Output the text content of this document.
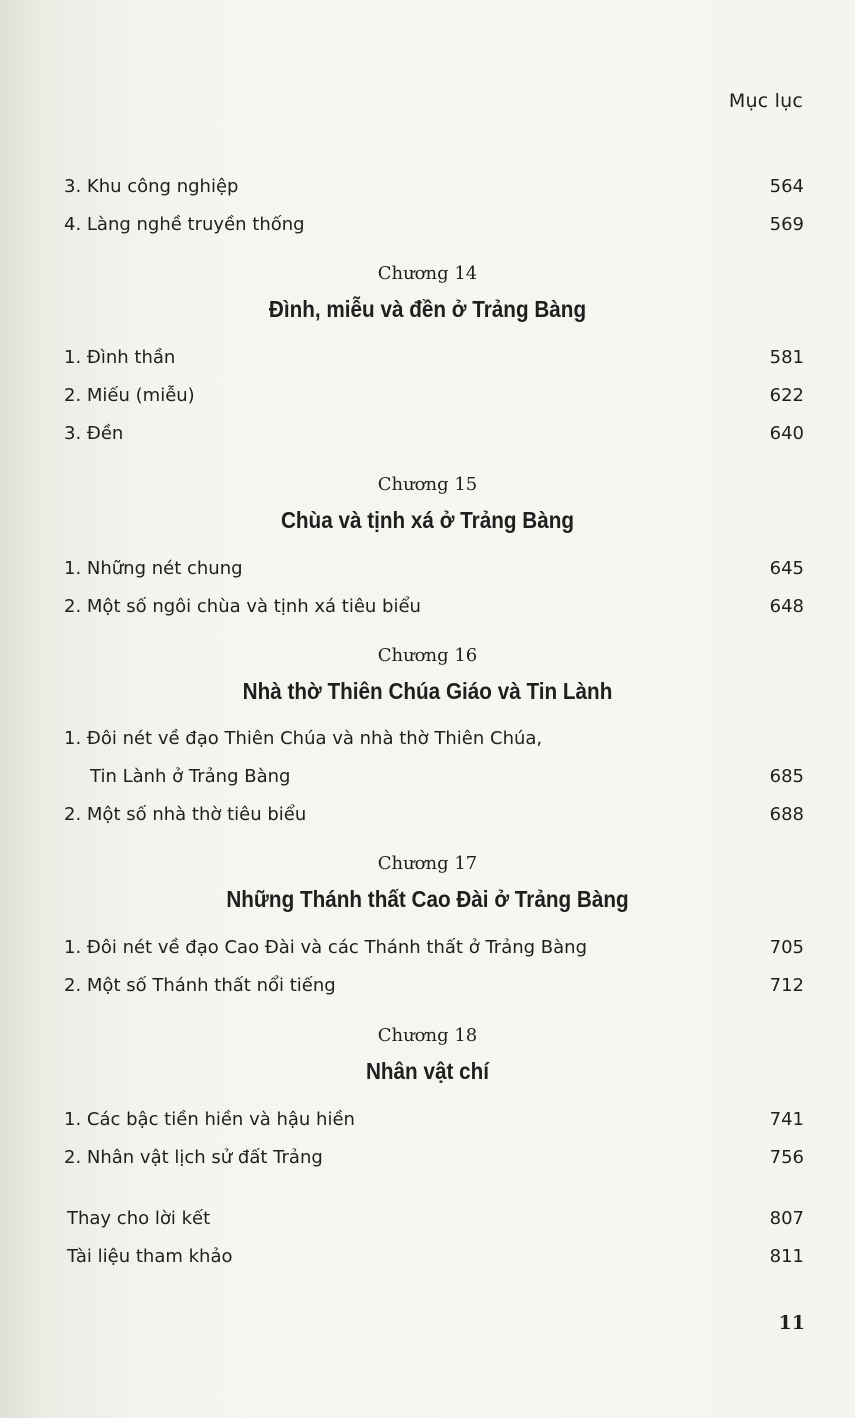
Mục lục
3. Khu công nghiệp	564
4. Làng nghề truyền thống	569
Chương 14
Đình, miễu và đền ở Trảng Bàng
1. Đình thần	581
2. Miếu (miễu)	622
3. Đền	640
Chương 15
Chùa và tịnh xá ở Trảng Bàng
1. Những nét chung	645
2. Một số ngôi chùa và tịnh xá tiêu biểu	648
Chương 16
Nhà thờ Thiên Chúa Giáo và Tin Lành
1. Đôi nét về đạo Thiên Chúa và nhà thờ Thiên Chúa,
Tin Lành ở Trảng Bàng	685
2. Một số nhà thờ tiêu biểu	688
Chương 17
Những Thánh thất Cao Đài ở Trảng Bàng
1. Đôi nét về đạo Cao Đài và các Thánh thất ở Trảng Bàng	705
2. Một số Thánh thất nổi tiếng	712
Chương 18
Nhân vật chí
1. Các bậc tiền hiền và hậu hiền	741
2. Nhân vật lịch sử đất Trảng	756
Thay cho lời kết	807
Tài liệu tham khảo	811
11
